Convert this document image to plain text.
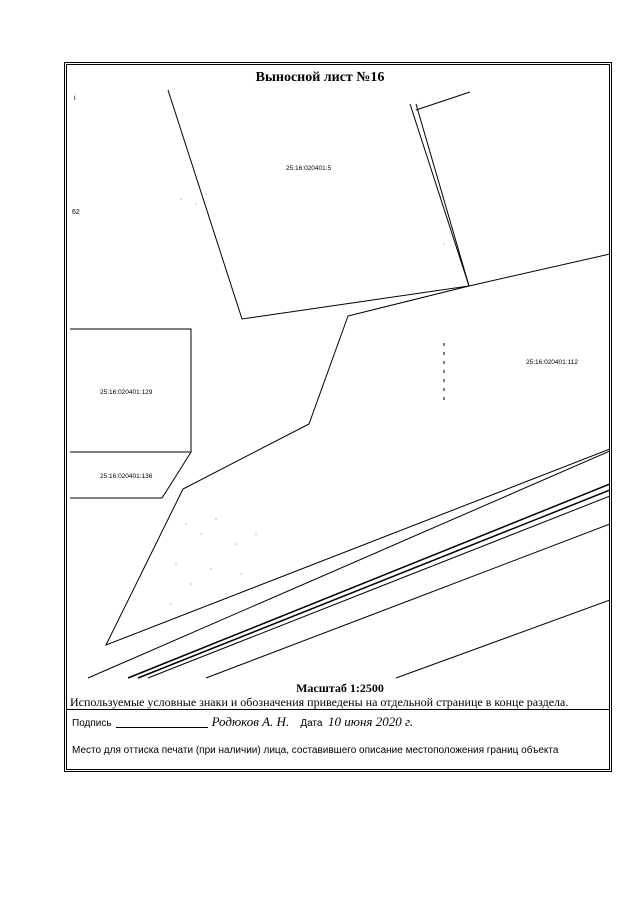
Выносной лист №16
i
62
25:16:020401:5
25:16:020401:112
25:16:020401:129
25:16:020401:136
Масштаб 1:2500
Используемые условные знаки и обозначения приведены на отдельной странице в конце раздела.
Подпись	Родюков А. Н. Дата 10 июня 2020 г.
Место для оттиска печати (при наличии) лица, составившего описание местоположения границ объекта
